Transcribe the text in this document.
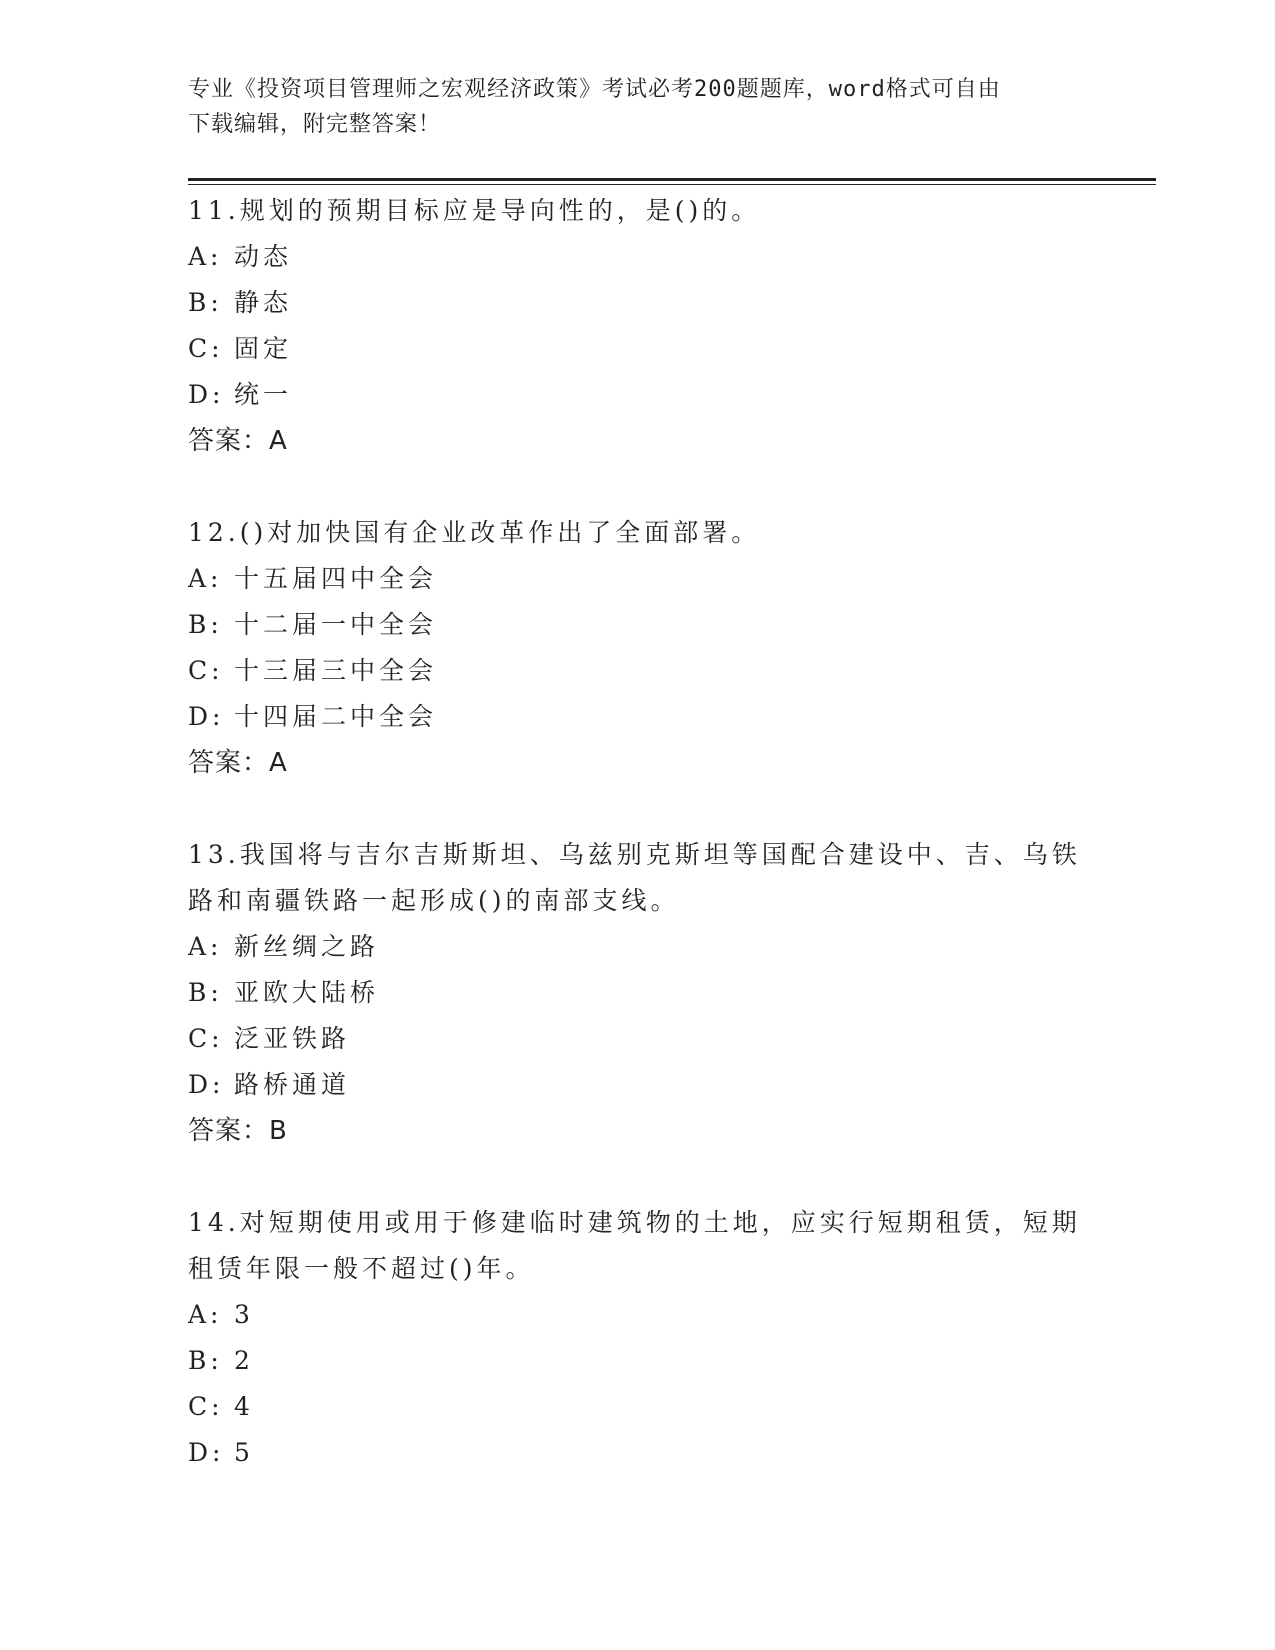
专业《投资项目管理师之宏观经济政策》考试必考200题题库，word格式可自由
下载编辑，附完整答案！

11.规划的预期目标应是导向性的，是()的。

A: 动态
B: 静态
C: 固定
D: 统一
答案：A

12.()对加快国有企业改革作出了全面部署。

A: 十五届四中全会
B: 十二届一中全会
C: 十三届三中全会
D: 十四届二中全会
答案：A

13.我国将与吉尔吉斯斯坦、乌兹别克斯坦等国配合建设中、吉、乌铁路和南疆铁路一起形成()的南部支线。

A: 新丝绸之路
B: 亚欧大陆桥
C: 泛亚铁路
D: 路桥通道
答案：B

14.对短期使用或用于修建临时建筑物的土地，应实行短期租赁，短期租赁年限一般不超过()年。

A: 3
B: 2
C: 4
D: 5
